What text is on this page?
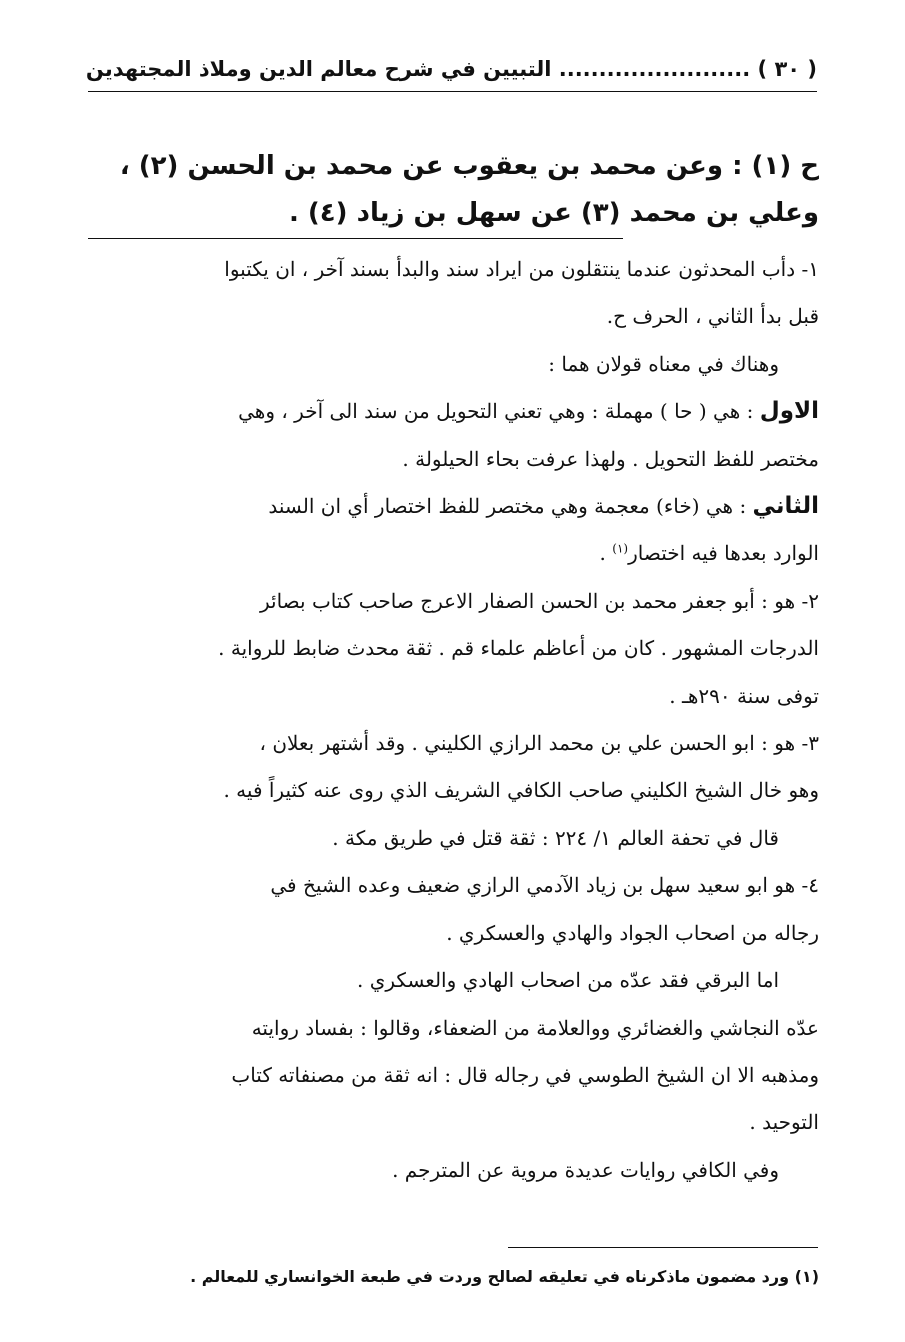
( ٣٠ ) ........................ التبيين في شرح معالم الدين وملاذ المجتهدين
ح (١) : وعن محمد بن يعقوب عن محمد بن الحسن (٢) ،
وعلي بن محمد (٣) عن سهل بن زياد (٤) .
١- دأب المحدثون عندما ينتقلون من ايراد سند والبدأ بسند آخر ، ان يكتبوا
قبل بدأ الثاني ، الحرف ح.
وهناك في معناه قولان هما :
الاول : هي ( حا ) مهملة : وهي تعني التحويل من سند الى آخر ، وهي
مختصر للفظ التحويل . ولهذا عرفت بحاء الحيلولة .
الثاني : هي (خاء) معجمة وهي مختصر للفظ اختصار أي ان السند
الوارد بعدها فيه اختصار$^{(١)}$ .
٢- هو : أبو جعفر محمد بن الحسن الصفار الاعرج صاحب كتاب بصائر
الدرجات المشهور . كان من أعاظم علماء قم . ثقة محدث ضابط للرواية .
توفى سنة ٢٩٠هـ .
٣- هو : ابو الحسن علي بن محمد الرازي الكليني . وقد أشتهر بعلان ،
وهو خال الشيخ الكليني صاحب الكافي الشريف الذي روى عنه كثيراً فيه .
قال في تحفة العالم ١/ ٢٢٤ : ثقة قتل في طريق مكة .
٤- هو ابو سعيد سهل بن زياد الآدمي الرازي ضعيف وعده الشيخ في
رجاله من اصحاب الجواد والهادي والعسكري .
اما البرقي فقد عدّه من اصحاب الهادي والعسكري .
عدّه النجاشي والغضائري ووالعلامة من الضعفاء، وقالوا : بفساد روايته
ومذهبه الا ان الشيخ الطوسي في رجاله قال : انه ثقة من مصنفاته كتاب
التوحيد .
وفي الكافي روايات عديدة مروية عن المترجم .
(١) ورد مضمون ماذكرناه في تعليقه لصالح وردت في طبعة الخوانساري للمعالم .
